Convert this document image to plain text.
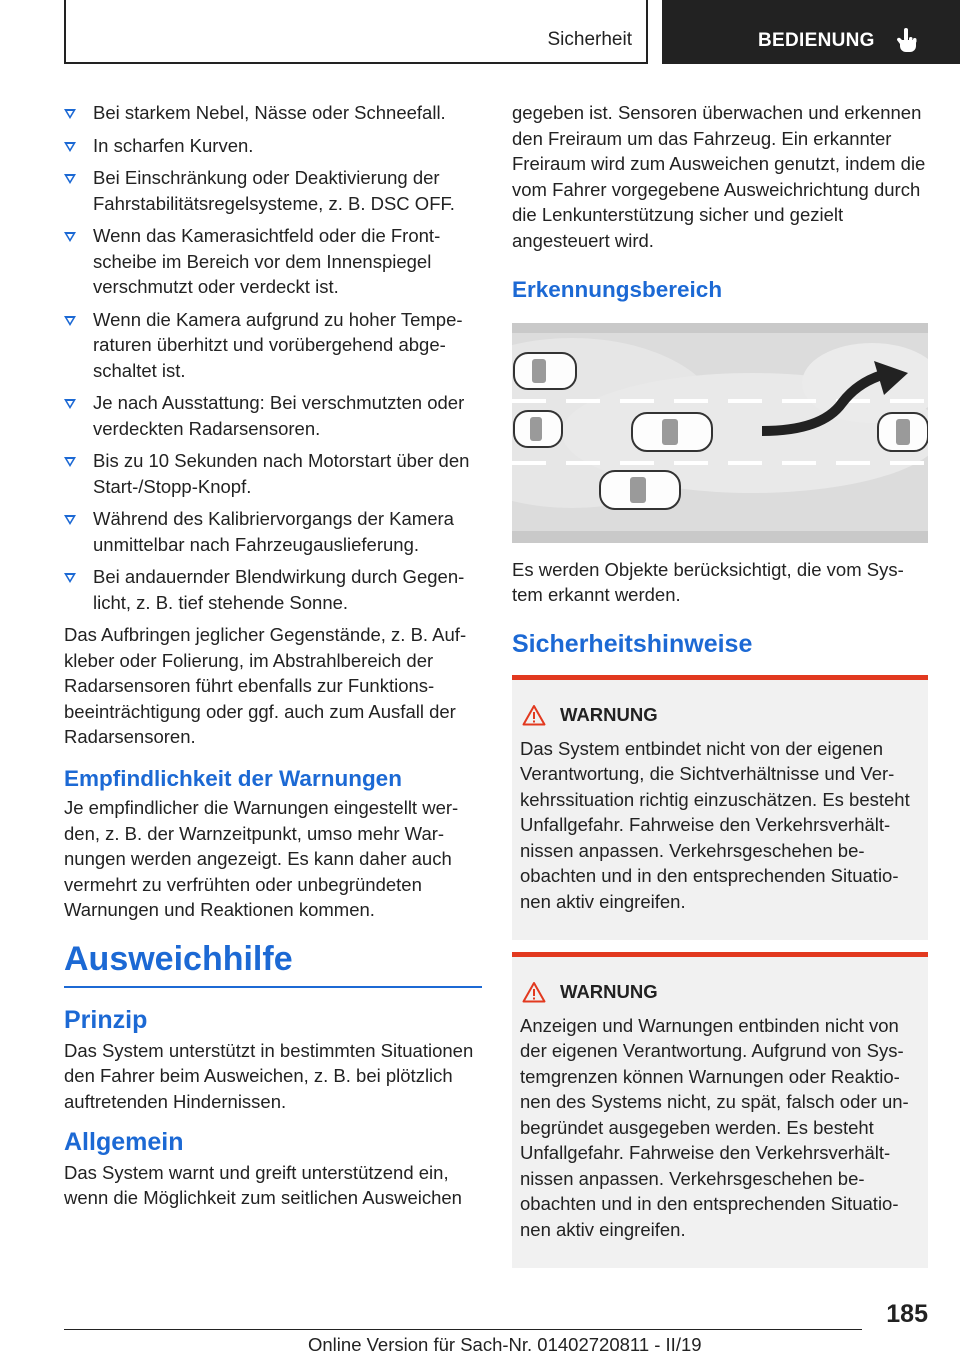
Sicherheit	BEDIENUNG
Bei starkem Nebel, Nässe oder Schneefall.
In scharfen Kurven.
Bei Einschränkung oder Deaktivierung der Fahrstabilitätsregelsysteme, z. B. DSC OFF.
Wenn das Kamerasichtfeld oder die Frontscheibe im Bereich vor dem Innenspiegel verschmutzt oder verdeckt ist.
Wenn die Kamera aufgrund zu hoher Temperaturen überhitzt und vorübergehend abgeschaltet ist.
Je nach Ausstattung: Bei verschmutzten oder verdeckten Radarsensoren.
Bis zu 10 Sekunden nach Motorstart über den Start-/Stopp-Knopf.
Während des Kalibriervorgangs der Kamera unmittelbar nach Fahrzeugauslieferung.
Bei andauernder Blendwirkung durch Gegenlicht, z. B. tief stehende Sonne.

Das Aufbringen jeglicher Gegenstände, z. B. Aufkleber oder Folierung, im Abstrahlbereich der Radarsensoren führt ebenfalls zur Funktionsbeeinträchtigung oder ggf. auch zum Ausfall der Radarsensoren.

Empfindlichkeit der Warnungen

Je empfindlicher die Warnungen eingestellt werden, z. B. der Warnzeitpunkt, umso mehr Warnungen werden angezeigt. Es kann daher auch vermehrt zu verfrühten oder unbegründeten Warnungen und Reaktionen kommen.

Ausweichhilfe

Prinzip

Das System unterstützt in bestimmten Situationen den Fahrer beim Ausweichen, z. B. bei plötzlich auftretenden Hindernissen.

Allgemein

Das System warnt und greift unterstützend ein, wenn die Möglichkeit zum seitlichen Ausweichen

gegeben ist. Sensoren überwachen und erkennen den Freiraum um das Fahrzeug. Ein erkannter Freiraum wird zum Ausweichen genutzt, indem die vom Fahrer vorgegebene Ausweichrichtung durch die Lenkunterstützung sicher und gezielt angesteuert wird.

Erkennungsbereich

Es werden Objekte berücksichtigt, die vom System erkannt werden.

Sicherheitshinweise

WARNUNG

Das System entbindet nicht von der eigenen Verantwortung, die Sichtverhältnisse und Verkehrssituation richtig einzuschätzen. Es besteht Unfallgefahr. Fahrweise den Verkehrsverhältnissen anpassen. Verkehrsgeschehen beobachten und in den entsprechenden Situationen aktiv eingreifen.

WARNUNG

Anzeigen und Warnungen entbinden nicht von der eigenen Verantwortung. Aufgrund von Systemgrenzen können Warnungen oder Reaktionen des Systems nicht, zu spät, falsch oder unbegründet ausgegeben werden. Es besteht Unfallgefahr. Fahrweise den Verkehrsverhältnissen anpassen. Verkehrsgeschehen beobachten und in den entsprechenden Situationen aktiv eingreifen.

185
Online Version für Sach-Nr. 01402720811 - II/19
